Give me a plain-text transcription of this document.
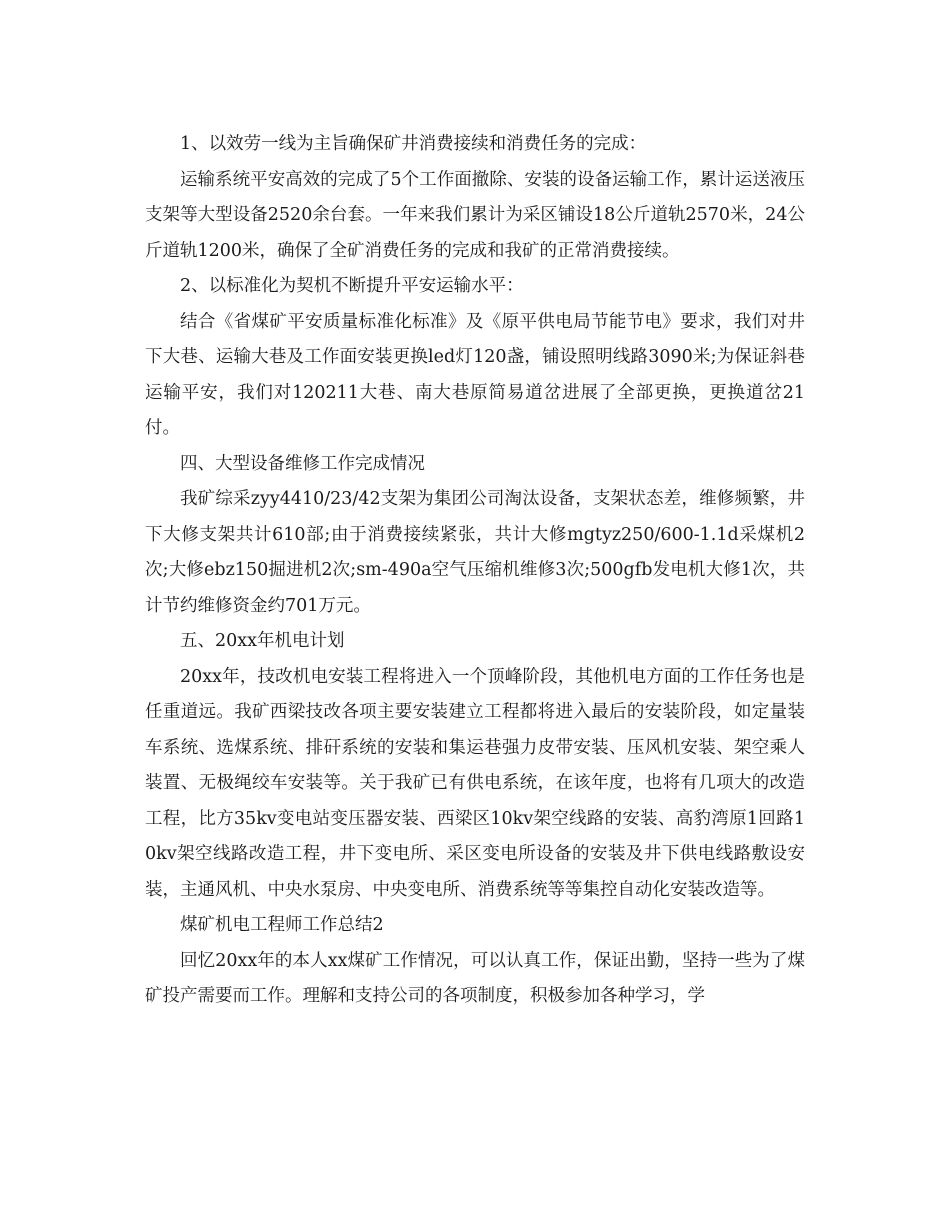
1、以效劳一线为主旨确保矿井消费接续和消费任务的完成：

运输系统平安高效的完成了5个工作面撤除、安装的设备运输工作，累计运送液压支架等大型设备2520余台套。一年来我们累计为采区铺设18公斤道轨2570米，24公斤道轨1200米，确保了全矿消费任务的完成和我矿的正常消费接续。

2、以标准化为契机不断提升平安运输水平：

结合《省煤矿平安质量标准化标准》及《原平供电局节能节电》要求，我们对井下大巷、运输大巷及工作面安装更换led灯120盏，铺设照明线路3090米;为保证斜巷运输平安，我们对120211大巷、南大巷原简易道岔进展了全部更换，更换道岔21付。

四、大型设备维修工作完成情况

我矿综采zyy4410/23/42支架为集团公司淘汰设备，支架状态差，维修频繁，井下大修支架共计610部;由于消费接续紧张，共计大修mgtyz250/600-1.1d采煤机2次;大修ebz150掘进机2次;sm-490a空气压缩机维修3次;500gfb发电机大修1次，共计节约维修资金约701万元。

五、20xx年机电计划

20xx年，技改机电安装工程将进入一个顶峰阶段，其他机电方面的工作任务也是任重道远。我矿西梁技改各项主要安装建立工程都将进入最后的安装阶段，如定量装车系统、选煤系统、排矸系统的安装和集运巷强力皮带安装、压风机安装、架空乘人装置、无极绳绞车安装等。关于我矿已有供电系统，在该年度，也将有几项大的改造工程，比方35kv变电站变压器安装、西梁区10kv架空线路的安装、高豹湾原1回路10kv架空线路改造工程，井下变电所、采区变电所设备的安装及井下供电线路敷设安装，主通风机、中央水泵房、中央变电所、消费系统等等集控自动化安装改造等。

煤矿机电工程师工作总结2

回忆20xx年的本人xx煤矿工作情况，可以认真工作，保证出勤，坚持一些为了煤矿投产需要而工作。理解和支持公司的各项制度，积极参加各种学习，学
